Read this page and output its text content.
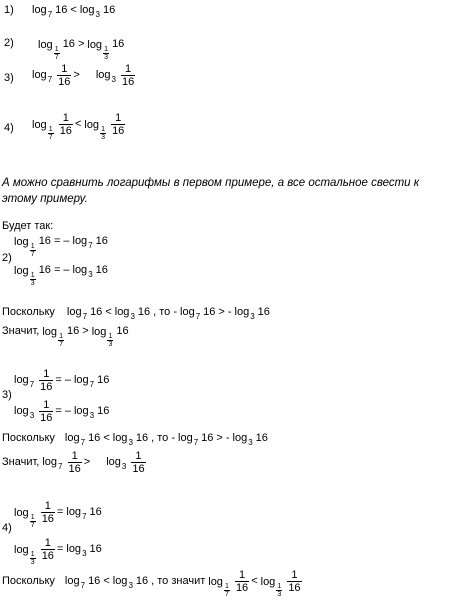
1) $\log_7 16 < \log_3 16$
2) log 1
7
16 > log 1
3
16
3) $\log_7 \frac{1}{16} > \log_3 \frac{1}{16}$
4) log 1
7
$\frac{1}{16} < \log 1$
3
$\frac{1}{16}$
А можно сравнить логарифмы в первом примере, а все остальное свести к
этому примеру.
Будет так:
log 1
7
16 = – $\log_7 16$
2)
log 1
3
16 = – $\log_3 16$
Поскольку $\log_7 16 < \log_3 16$ , то - $\log_7 16$ > - $\log_3 16$
Значит, log 1
7
16 > log 1
3
16
$\log_7 \frac{1}{16}$ = – $\log_7 16$
3)
$\log_3 \frac{1}{16}$ = – $\log_3 16$
Поскольку $\log_7 16 < \log_3 16$ , то - $\log_7 16$ > - $\log_3 16$
Значит, $\log_7 \frac{1}{16} > \log_3 \frac{1}{16}$
log 1
7
$\frac{1}{16} = \log_7 16$
4)
log 1
3
$\frac{1}{16} = \log_3 16$
Поскольку $\log_7 16 < \log_3 16$ , то значит log 1
7
$\frac{1}{16} < \log 1$
3
$\frac{1}{16}$
